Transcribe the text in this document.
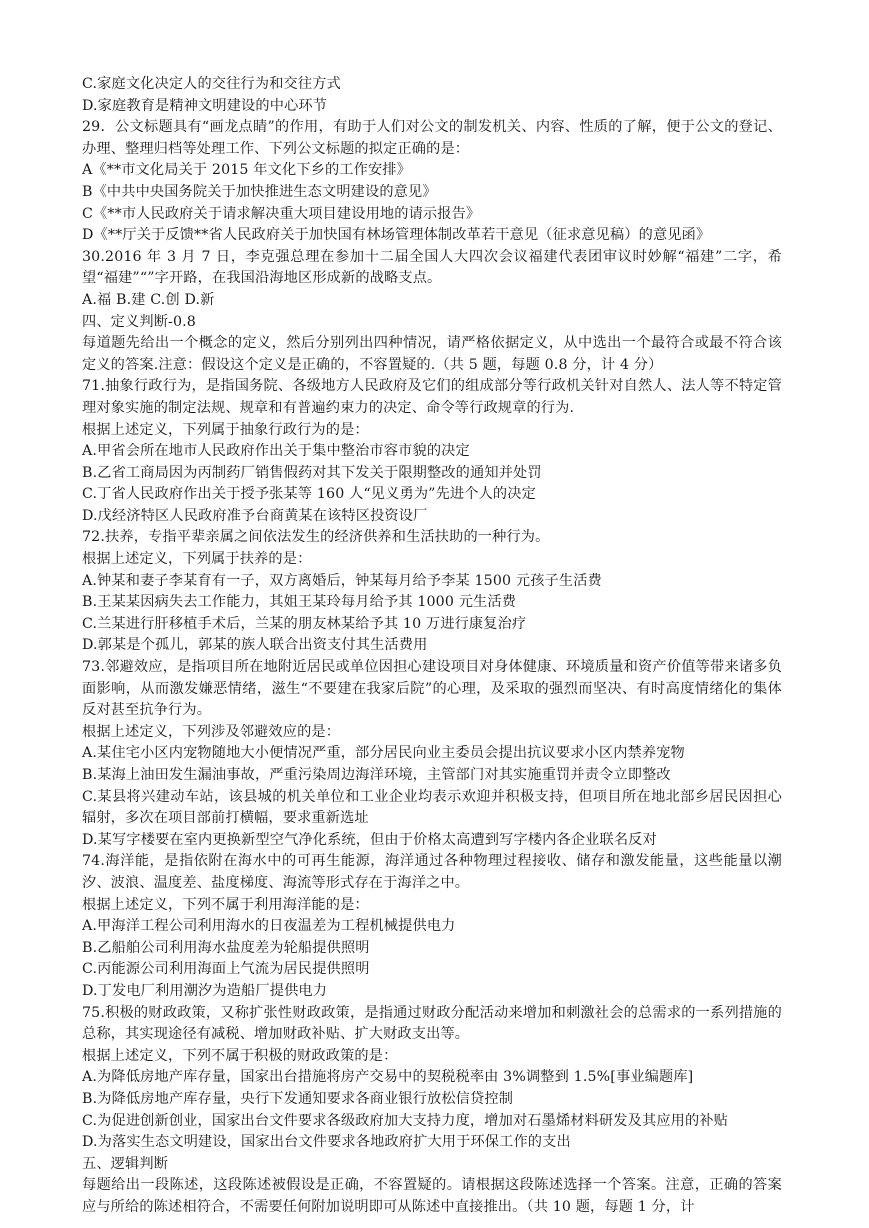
C.家庭文化决定人的交往行为和交往方式
D.家庭教育是精神文明建设的中心环节
29．公文标题具有“画龙点睛”的作用，有助于人们对公文的制发机关、内容、性质的了解，便于公文的登记、办理、整理归档等处理工作、下列公文标题的拟定正确的是：
A《**市文化局关于 2015 年文化下乡的工作安排》
B《中共中央国务院关于加快推进生态文明建设的意见》
C《**市人民政府关于请求解决重大项目建设用地的请示报告》
D《**厅关于反馈**省人民政府关于加快国有林场管理体制改革若干意见（征求意见稿）的意见函》
30.2016 年 3 月 7 日，李克强总理在参加十二届全国人大四次会议福建代表团审议时妙解“福建”二字，希望“福建”“”字开路，在我国沿海地区形成新的战略支点。
A.福 B.建 C.创 D.新
四、定义判断-0.8
每道题先给出一个概念的定义，然后分别列出四种情况，请严格依据定义，从中选出一个最符合或最不符合该定义的答案.注意：假设这个定义是正确的，不容置疑的.（共 5 题，每题 0.8 分，计 4 分）
71.抽象行政行为，是指国务院、各级地方人民政府及它们的组成部分等行政机关针对自然人、法人等不特定管理对象实施的制定法规、规章和有普遍约束力的决定、命令等行政规章的行为.
根据上述定义，下列属于抽象行政行为的是：
A.甲省会所在地市人民政府作出关于集中整治市容市貌的决定
B.乙省工商局因为丙制药厂销售假药对其下发关于限期整改的通知并处罚
C.丁省人民政府作出关于授予张某等 160 人“见义勇为”先进个人的决定
D.戊经济特区人民政府准予台商黄某在该特区投资设厂
72.扶养，专指平辈亲属之间依法发生的经济供养和生活扶助的一种行为。
根据上述定义，下列属于扶养的是：
A.钟某和妻子李某育有一子，双方离婚后，钟某每月给予李某 1500 元孩子生活费
B.王某某因病失去工作能力，其姐王某玲每月给予其 1000 元生活费
C.兰某进行肝移植手术后，兰某的朋友林某给予其 10 万进行康复治疗
D.郭某是个孤儿，郭某的族人联合出资支付其生活费用
73.邻避效应，是指项目所在地附近居民或单位因担心建设项目对身体健康、环境质量和资产价值等带来诸多负面影响，从而激发嫌恶情绪，滋生“不要建在我家后院”的心理，及采取的强烈而坚决、有时高度情绪化的集体反对甚至抗争行为。
根据上述定义，下列涉及邻避效应的是：
A.某住宅小区内宠物随地大小便情况严重，部分居民向业主委员会提出抗议要求小区内禁养宠物
B.某海上油田发生漏油事故，严重污染周边海洋环境，主管部门对其实施重罚并责令立即整改
C.某县将兴建动车站，该县城的机关单位和工业企业均表示欢迎并积极支持，但项目所在地北部乡居民因担心辐射，多次在项目部前打横幅，要求重新选址
D.某写字楼要在室内更换新型空气净化系统，但由于价格太高遭到写字楼内各企业联名反对
74.海洋能，是指依附在海水中的可再生能源，海洋通过各种物理过程接收、储存和激发能量，这些能量以潮汐、波浪、温度差、盐度梯度、海流等形式存在于海洋之中。
根据上述定义，下列不属于利用海洋能的是：
A.甲海洋工程公司利用海水的日夜温差为工程机械提供电力
B.乙船舶公司利用海水盐度差为轮船提供照明
C.丙能源公司利用海面上气流为居民提供照明
D.丁发电厂利用潮汐为造船厂提供电力
75.积极的财政政策，又称扩张性财政政策，是指通过财政分配活动来增加和刺激社会的总需求的一系列措施的总称，其实现途径有减税、增加财政补贴、扩大财政支出等。
根据上述定义，下列不属于积极的财政政策的是：
A.为降低房地产库存量，国家出台措施将房产交易中的契税税率由 3%调整到 1.5%[事业编题库]
B.为降低房地产库存量，央行下发通知要求各商业银行放松信贷控制
C.为促进创新创业，国家出台文件要求各级政府加大支持力度，增加对石墨烯材料研发及其应用的补贴
D.为落实生态文明建设，国家出台文件要求各地政府扩大用于环保工作的支出
五、逻辑判断
每题给出一段陈述，这段陈述被假设是正确，不容置疑的。请根据这段陈述选择一个答案。注意，正确的答案应与所给的陈述相符合，不需要任何附加说明即可从陈述中直接推出。（共 10 题，每题 1 分，计
